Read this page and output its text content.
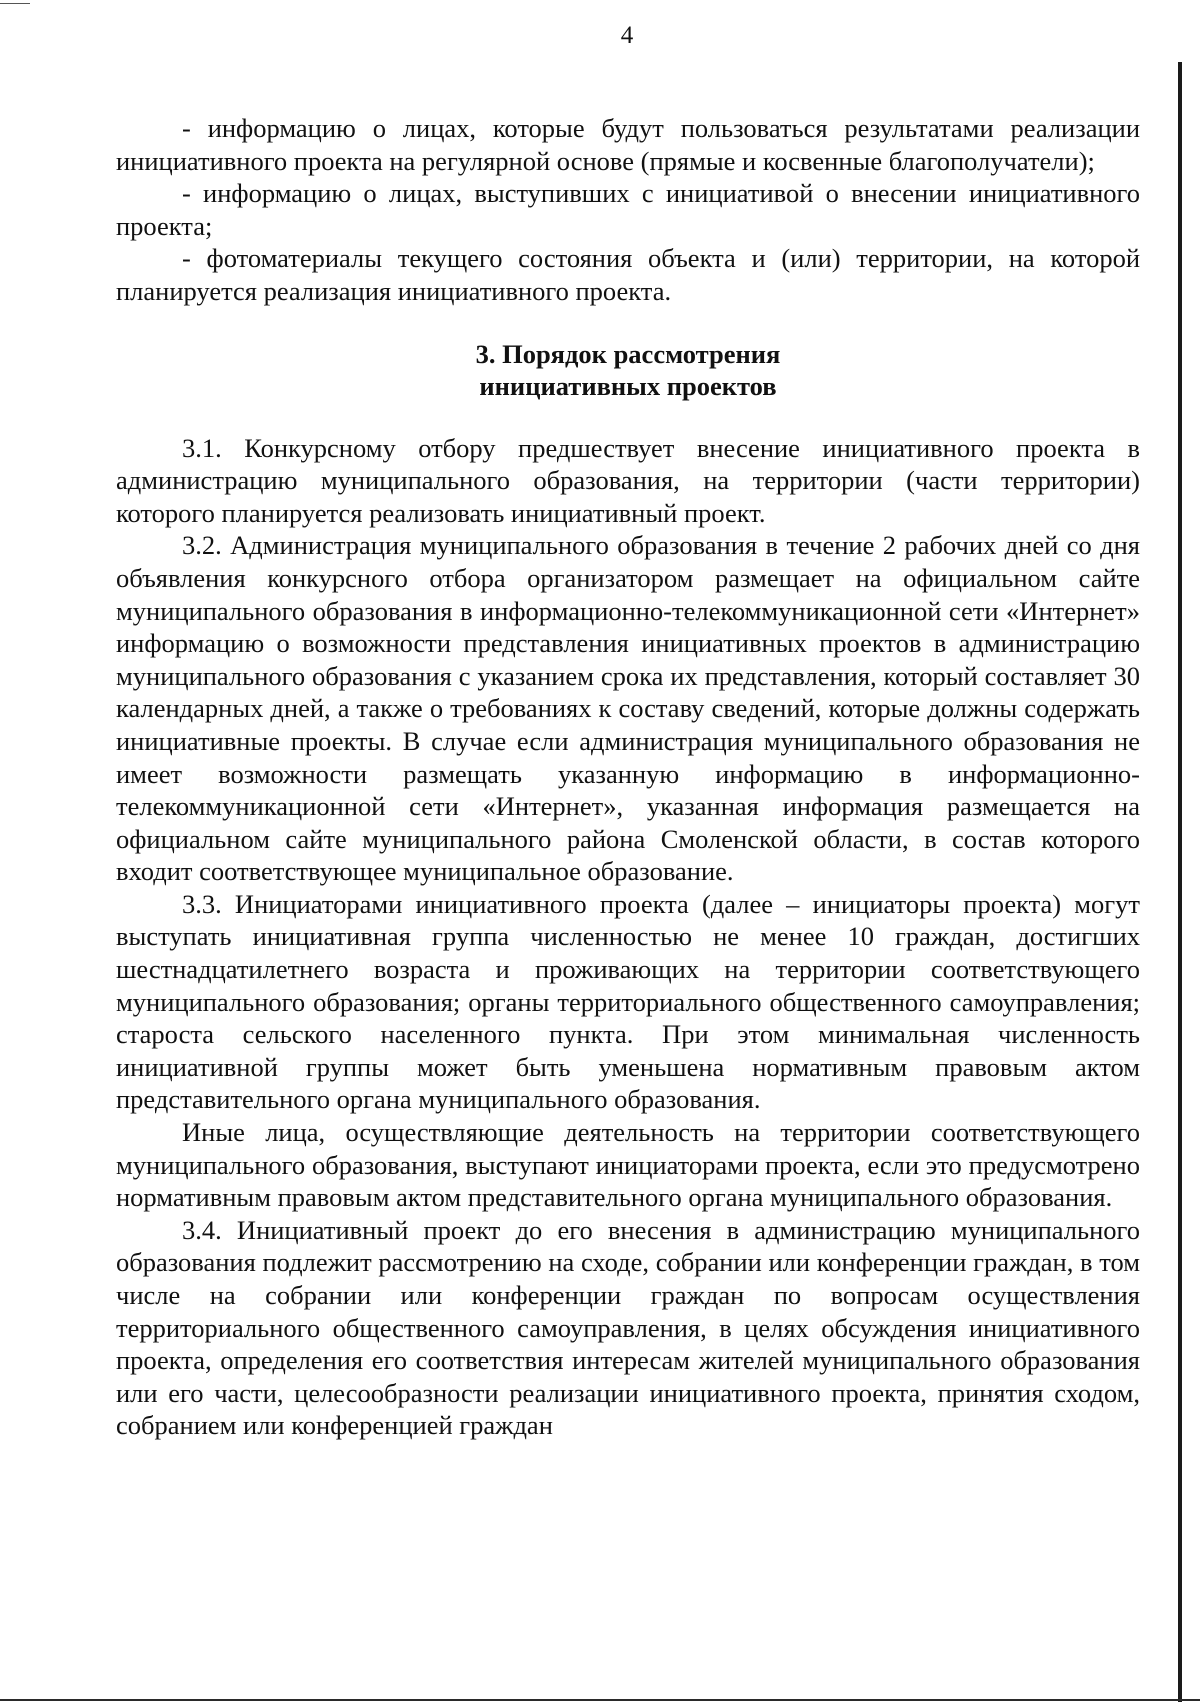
4

- информацию о лицах, которые будут пользоваться результатами реализации инициативного проекта на регулярной основе (прямые и косвенные благополучатели);

- информацию о лицах, выступивших с инициативой о внесении инициативного проекта;

- фотоматериалы текущего состояния объекта и (или) территории, на которой планируется реализация инициативного проекта.

3. Порядок рассмотрения
инициативных проектов

3.1. Конкурсному отбору предшествует внесение инициативного проекта в администрацию муниципального образования, на территории (части территории) которого планируется реализовать инициативный проект.

3.2. Администрация муниципального образования в течение 2 рабочих дней со дня объявления конкурсного отбора организатором размещает на официальном сайте муниципального образования в информационно-телекоммуникационной сети «Интернет» информацию о возможности представления инициативных проектов в администрацию муниципального образования с указанием срока их представления, который составляет 30 календарных дней, а также о требованиях к составу сведений, которые должны содержать инициативные проекты. В случае если администрация муниципального образования не имеет возможности размещать указанную информацию в информационно-телекоммуникационной сети «Интернет», указанная информация размещается на официальном сайте муниципального района Смоленской области, в состав которого входит соответствующее муниципальное образование.

3.3. Инициаторами инициативного проекта (далее – инициаторы проекта) могут выступать инициативная группа численностью не менее 10 граждан, достигших шестнадцатилетнего возраста и проживающих на территории соответствующего муниципального образования; органы территориального общественного самоуправления; староста сельского населенного пункта. При этом минимальная численность инициативной группы может быть уменьшена нормативным правовым актом представительного органа муниципального образования.

Иные лица, осуществляющие деятельность на территории соответствующего муниципального образования, выступают инициаторами проекта, если это предусмотрено нормативным правовым актом представительного органа муниципального образования.

3.4. Инициативный проект до его внесения в администрацию муниципального образования подлежит рассмотрению на сходе, собрании или конференции граждан, в том числе на собрании или конференции граждан по вопросам осуществления территориального общественного самоуправления, в целях обсуждения инициативного проекта, определения его соответствия интересам жителей муниципального образования или его части, целесообразности реализации инициативного проекта, принятия сходом, собранием или конференцией граждан
